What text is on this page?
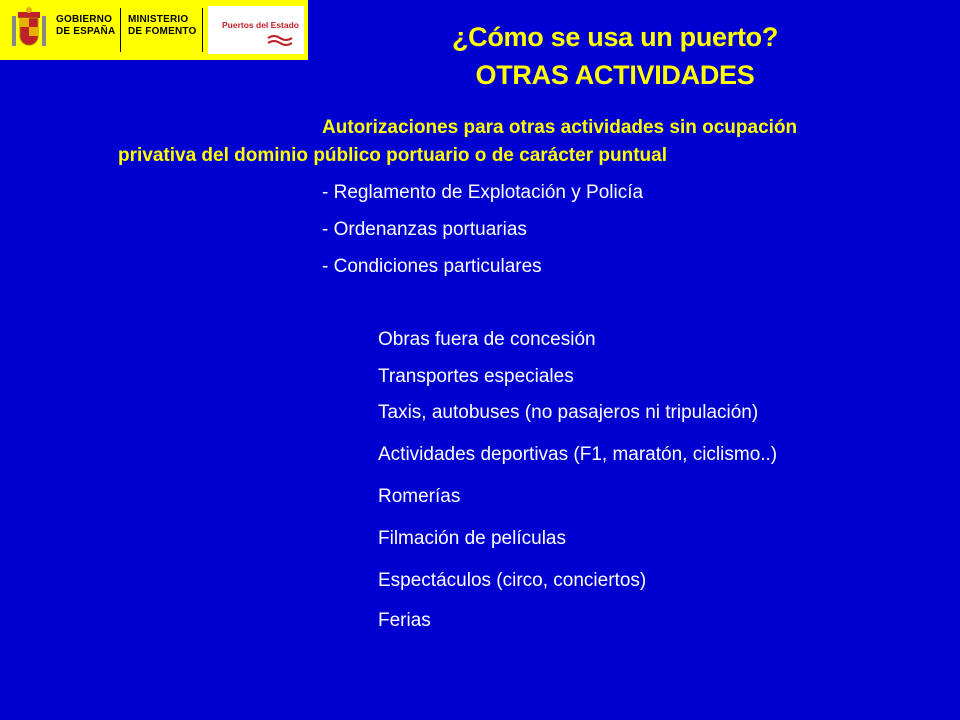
GOBIERNO
DE ESPAÑA
MINISTERIO
DE FOMENTO
Puertos del Estado	¿Cómo se usa un puerto?
OTRAS ACTIVIDADES
Autorizaciones para otras actividades sin ocupación
privativa del dominio público portuario o de carácter puntual
- Reglamento de Explotación y Policía
- Ordenanzas portuarias
- Condiciones particulares
Obras fuera de concesión
Transportes especiales
Taxis, autobuses (no pasajeros ni tripulación)
Actividades deportivas (F1, maratón, ciclismo..)
Romerías
Filmación de películas
Espectáculos (circo, conciertos)
Ferias
